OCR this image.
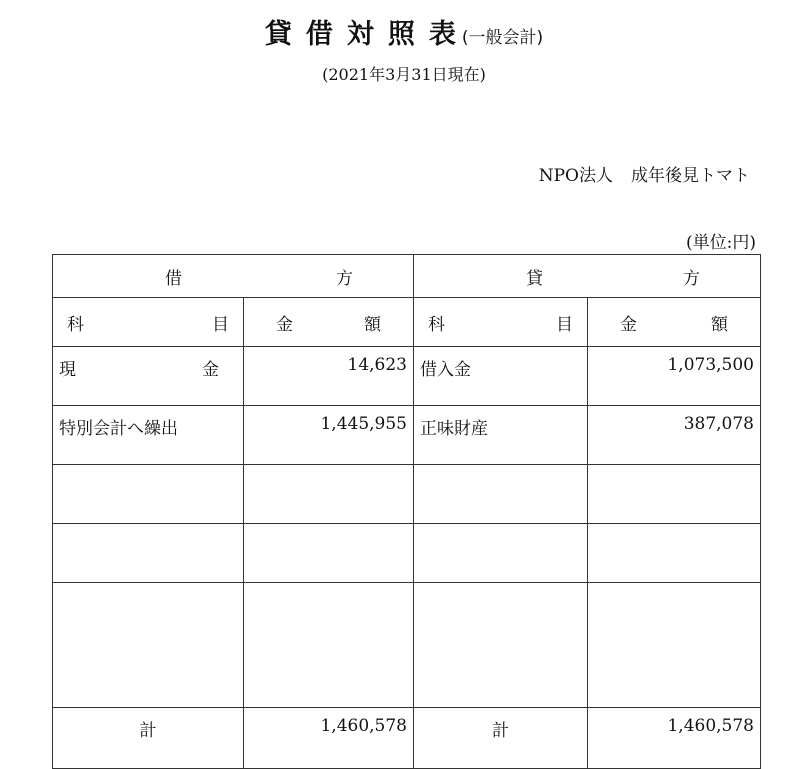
貸借対照表(一般会計)
(2021年3月31日現在)
NPO法人 成年後見トマト
(単位:円)
借 方		貸 方	

科 目	金 額	科 目	金 額

現 金	14,623	借入金	1,073,500
特別会計へ繰出	1,445,955	正味財産	387,078

計	1,460,578	計	1,460,578
